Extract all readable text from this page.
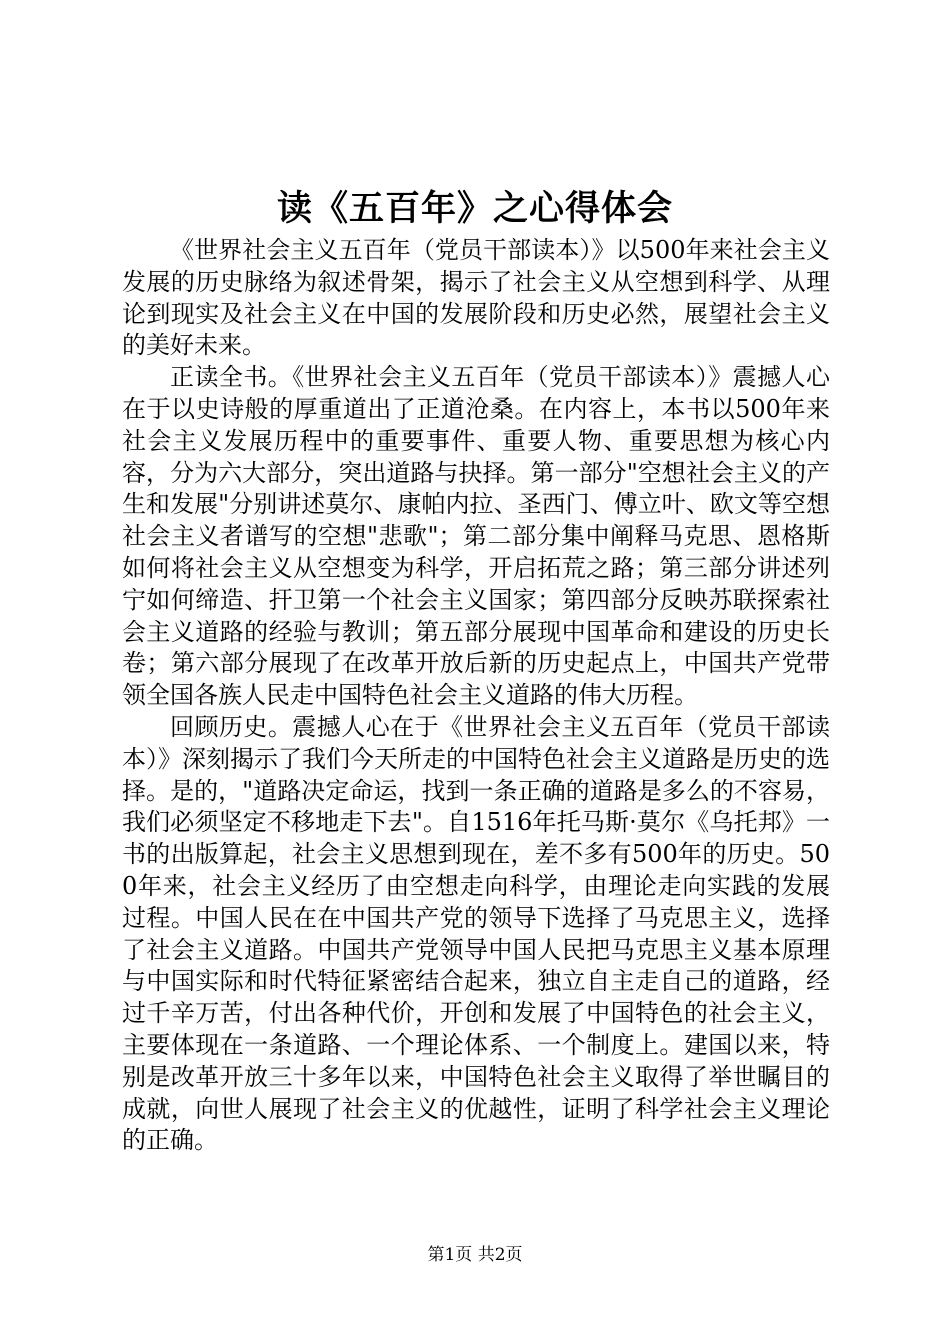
读《五百年》之心得体会

《世界社会主义五百年（党员干部读本）》以500年来社会主义发展的历史脉络为叙述骨架，揭示了社会主义从空想到科学、从理论到现实及社会主义在中国的发展阶段和历史必然，展望社会主义的美好未来。

正读全书。《世界社会主义五百年（党员干部读本）》震撼人心在于以史诗般的厚重道出了正道沧桑。在内容上，本书以500年来社会主义发展历程中的重要事件、重要人物、重要思想为核心内容，分为六大部分，突出道路与抉择。第一部分"空想社会主义的产生和发展"分别讲述莫尔、康帕内拉、圣西门、傅立叶、欧文等空想社会主义者谱写的空想"悲歌"；第二部分集中阐释马克思、恩格斯如何将社会主义从空想变为科学，开启拓荒之路；第三部分讲述列宁如何缔造、扞卫第一个社会主义国家；第四部分反映苏联探索社会主义道路的经验与教训；第五部分展现中国革命和建设的历史长卷；第六部分展现了在改革开放后新的历史起点上，中国共产党带领全国各族人民走中国特色社会主义道路的伟大历程。

回顾历史。震撼人心在于《世界社会主义五百年（党员干部读本）》深刻揭示了我们今天所走的中国特色社会主义道路是历史的选择。是的，"道路决定命运，找到一条正确的道路是多么的不容易，我们必须坚定不移地走下去"。自1516年托马斯·莫尔《乌托邦》一书的出版算起，社会主义思想到现在，差不多有500年的历史。500年来，社会主义经历了由空想走向科学，由理论走向实践的发展过程。中国人民在在中国共产党的领导下选择了马克思主义，选择了社会主义道路。中国共产党领导中国人民把马克思主义基本原理与中国实际和时代特征紧密结合起来，独立自主走自己的道路，经过千辛万苦，付出各种代价，开创和发展了中国特色的社会主义，主要体现在一条道路、一个理论体系、一个制度上。建国以来，特别是改革开放三十多年以来，中国特色社会主义取得了举世瞩目的成就，向世人展现了社会主义的优越性，证明了科学社会主义理论的正确。

第1页 共2页
